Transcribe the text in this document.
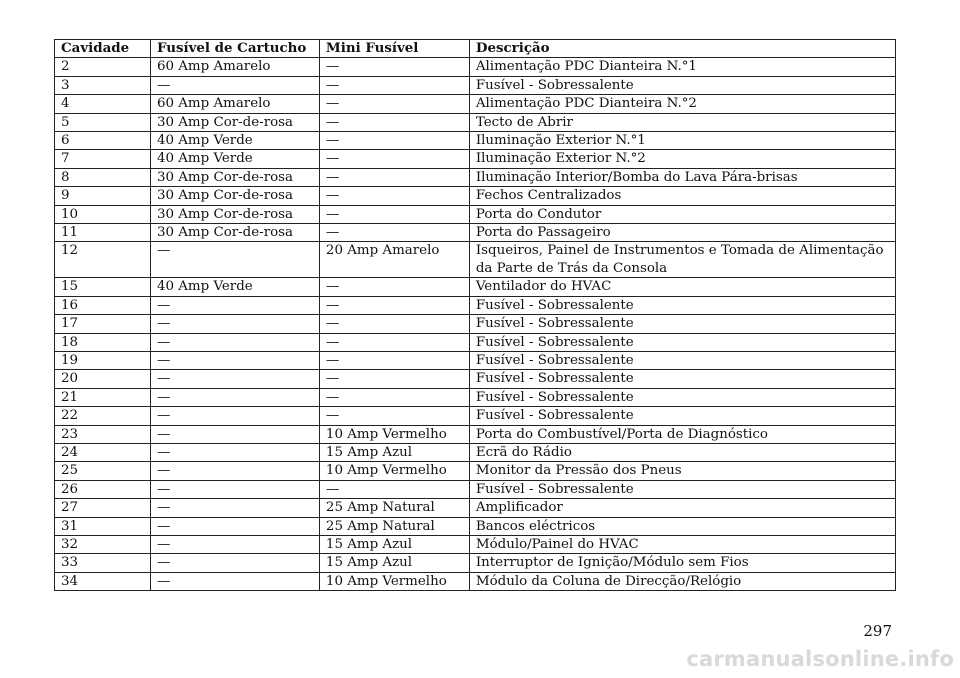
Cavidade	Fusível de Cartucho	Mini Fusível	Descrição
2	60 Amp Amarelo	—	Alimentação PDC Dianteira N.°1
3	—	—	Fusível - Sobressalente
4	60 Amp Amarelo	—	Alimentação PDC Dianteira N.°2
5	30 Amp Cor-de-rosa	—	Tecto de Abrir
6	40 Amp Verde	—	Iluminação Exterior N.°1
7	40 Amp Verde	—	Iluminação Exterior N.°2
8	30 Amp Cor-de-rosa	—	Iluminação Interior/Bomba do Lava Pára-brisas
9	30 Amp Cor-de-rosa	—	Fechos Centralizados
10	30 Amp Cor-de-rosa	—	Porta do Condutor
11	30 Amp Cor-de-rosa	—	Porta do Passageiro
12	—	20 Amp Amarelo	Isqueiros, Painel de Instrumentos e Tomada de Alimentação da Parte de Trás da Consola
15	40 Amp Verde	—	Ventilador do HVAC
16	—	—	Fusível - Sobressalente
17	—	—	Fusível - Sobressalente
18	—	—	Fusível - Sobressalente
19	—	—	Fusível - Sobressalente
20	—	—	Fusível - Sobressalente
21	—	—	Fusível - Sobressalente
22	—	—	Fusível - Sobressalente
23	—	10 Amp Vermelho	Porta do Combustível/Porta de Diagnóstico
24	—	15 Amp Azul	Ecrã do Rádio
25	—	10 Amp Vermelho	Monitor da Pressão dos Pneus
26	—	—	Fusível - Sobressalente
27	—	25 Amp Natural	Amplificador
31	—	25 Amp Natural	Bancos eléctricos
32	—	15 Amp Azul	Módulo/Painel do HVAC
33	—	15 Amp Azul	Interruptor de Ignição/Módulo sem Fios
34	—	10 Amp Vermelho	Módulo da Coluna de Direcção/Relógio
297
carmanualsonline.info
